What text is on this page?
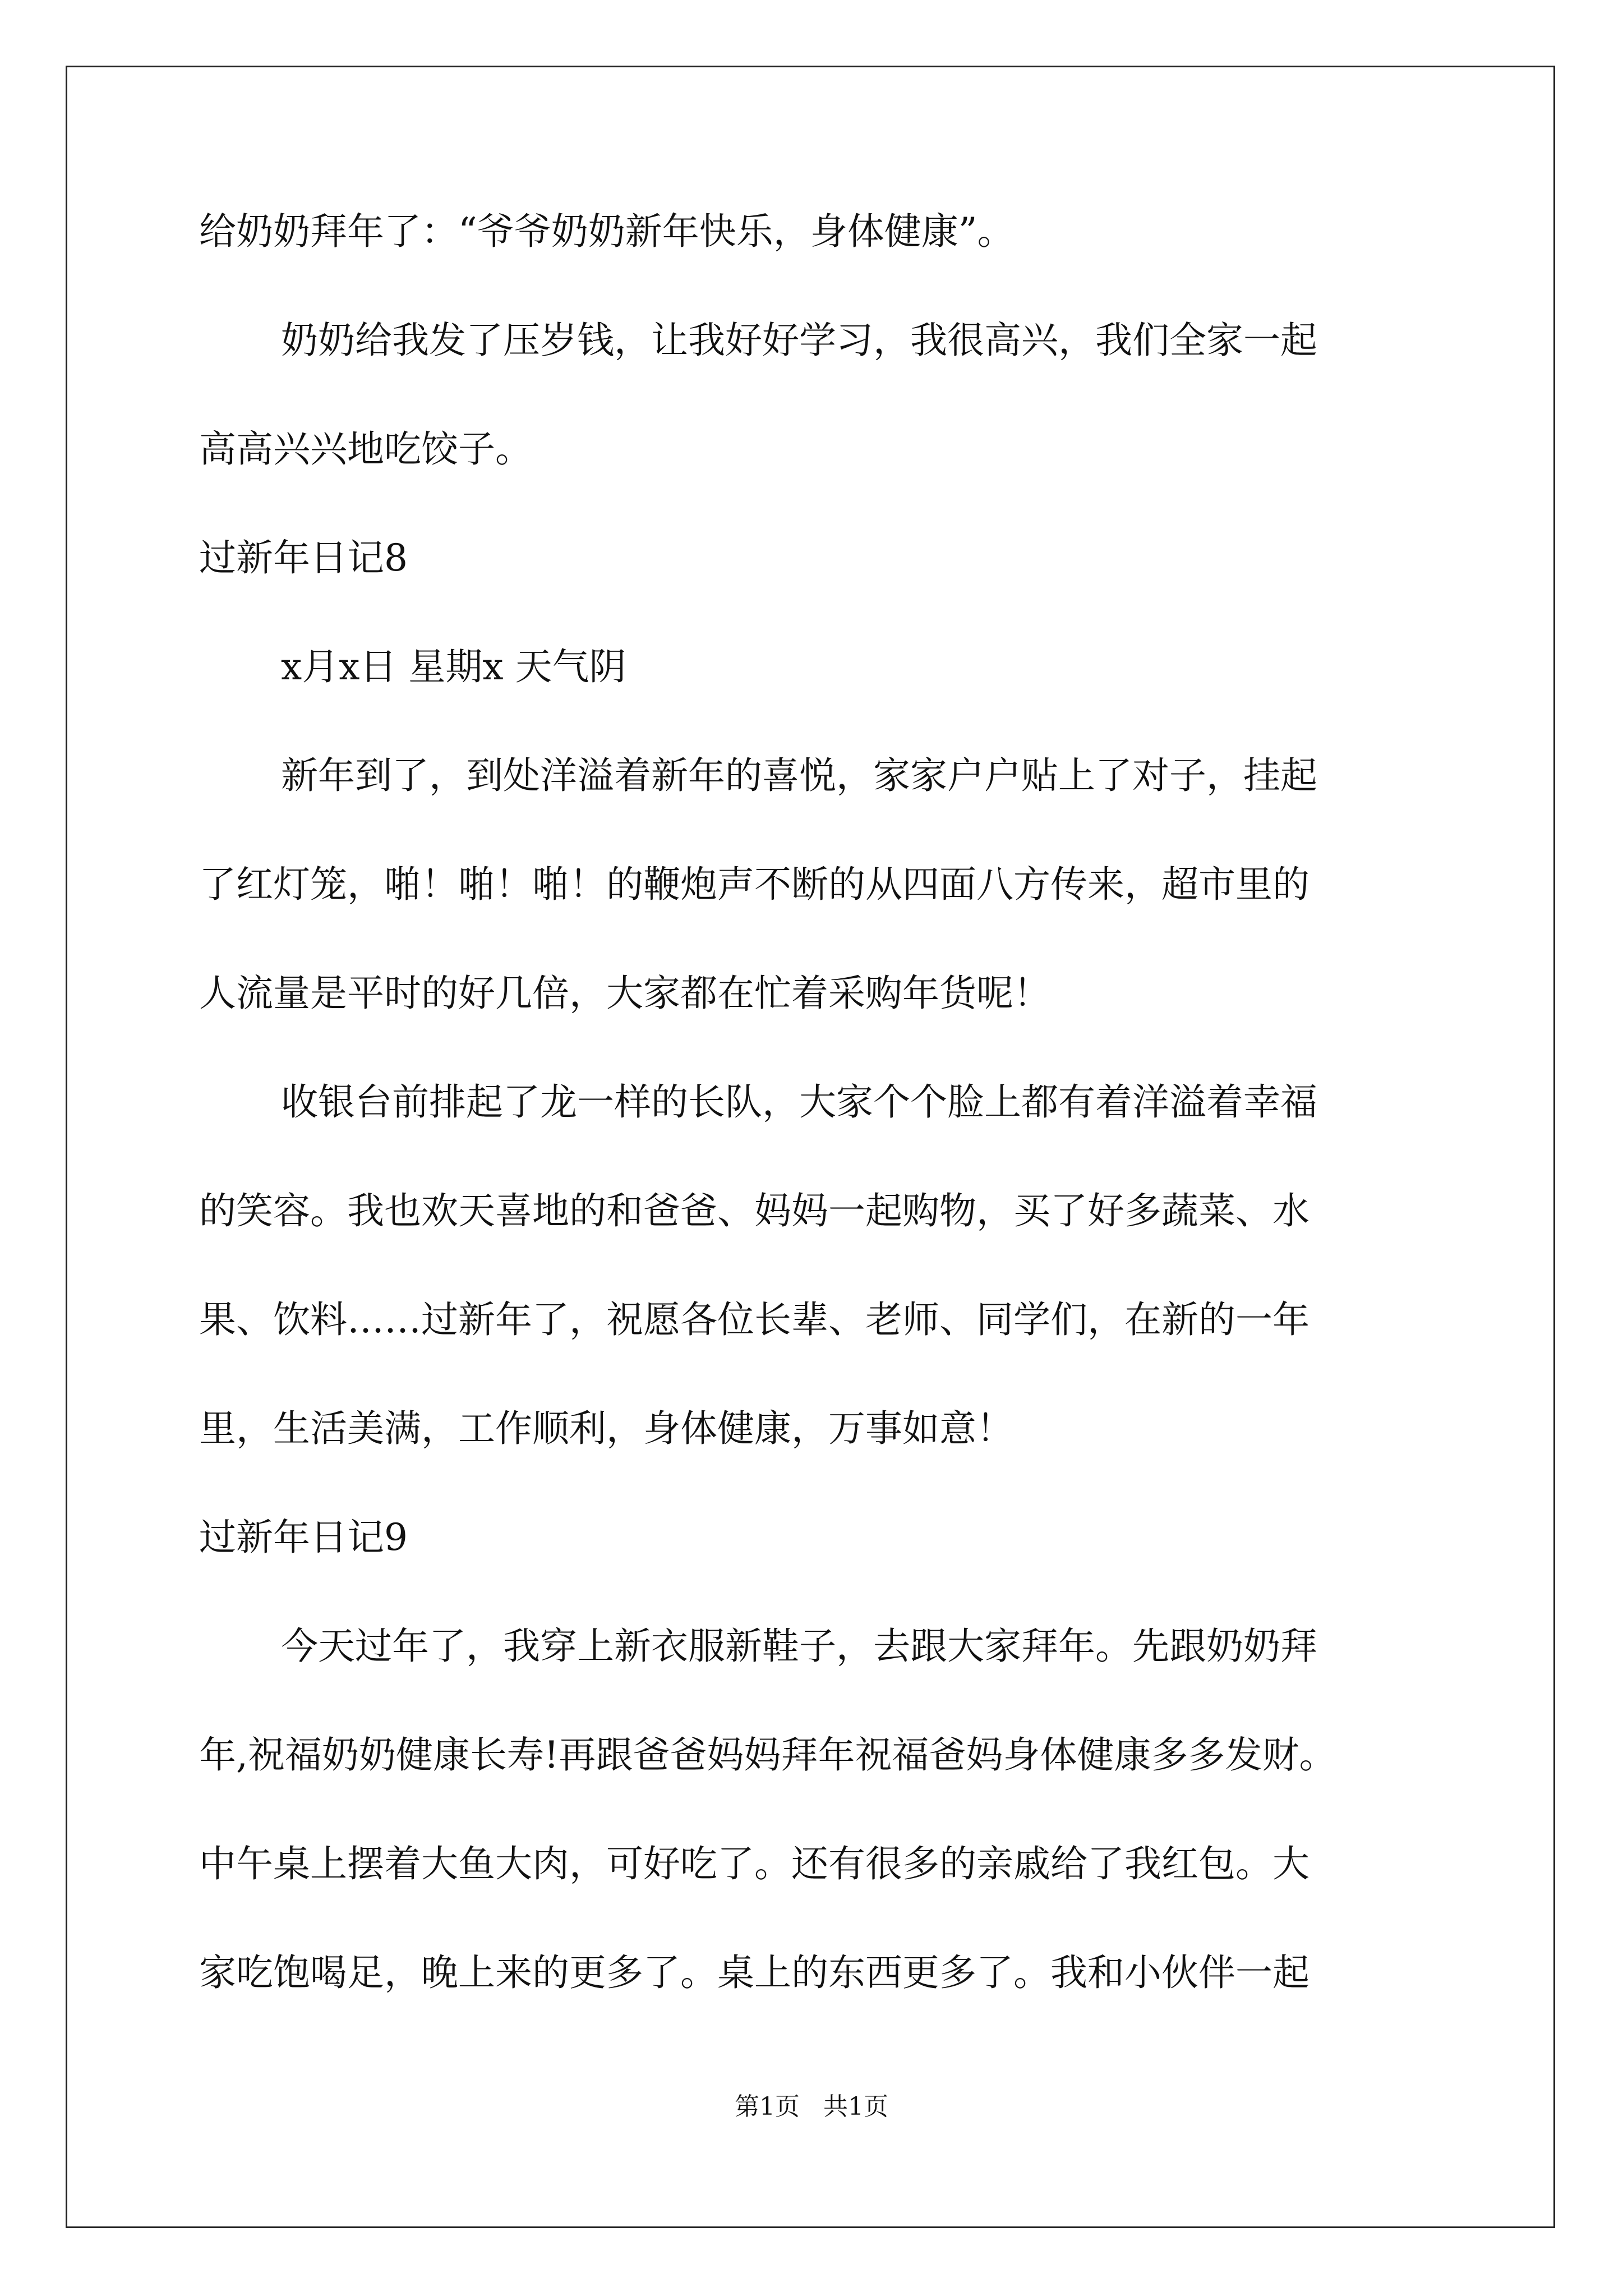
给奶奶拜年了：“爷爷奶奶新年快乐，身体健康”。
奶奶给我发了压岁钱，让我好好学习，我很高兴，我们全家一起
高高兴兴地吃饺子。
过新年日记8
x月x日 星期x 天气阴
新年到了，到处洋溢着新年的喜悦，家家户户贴上了对子，挂起
了红灯笼，啪！啪！啪！的鞭炮声不断的从四面八方传来，超市里的
人流量是平时的好几倍，大家都在忙着采购年货呢！
收银台前排起了龙一样的长队，大家个个脸上都有着洋溢着幸福
的笑容。我也欢天喜地的和爸爸、妈妈一起购物，买了好多蔬菜、水
果、饮料……过新年了，祝愿各位长辈、老师、同学们，在新的一年
里，生活美满，工作顺利，身体健康，万事如意！
过新年日记9
今天过年了，我穿上新衣服新鞋子，去跟大家拜年。先跟奶奶拜
年,祝福奶奶健康长寿!再跟爸爸妈妈拜年祝福爸妈身体健康多多发财。
中午桌上摆着大鱼大肉，可好吃了。还有很多的亲戚给了我红包。大
家吃饱喝足，晚上来的更多了。桌上的东西更多了。我和小伙伴一起
第1页   共1页
